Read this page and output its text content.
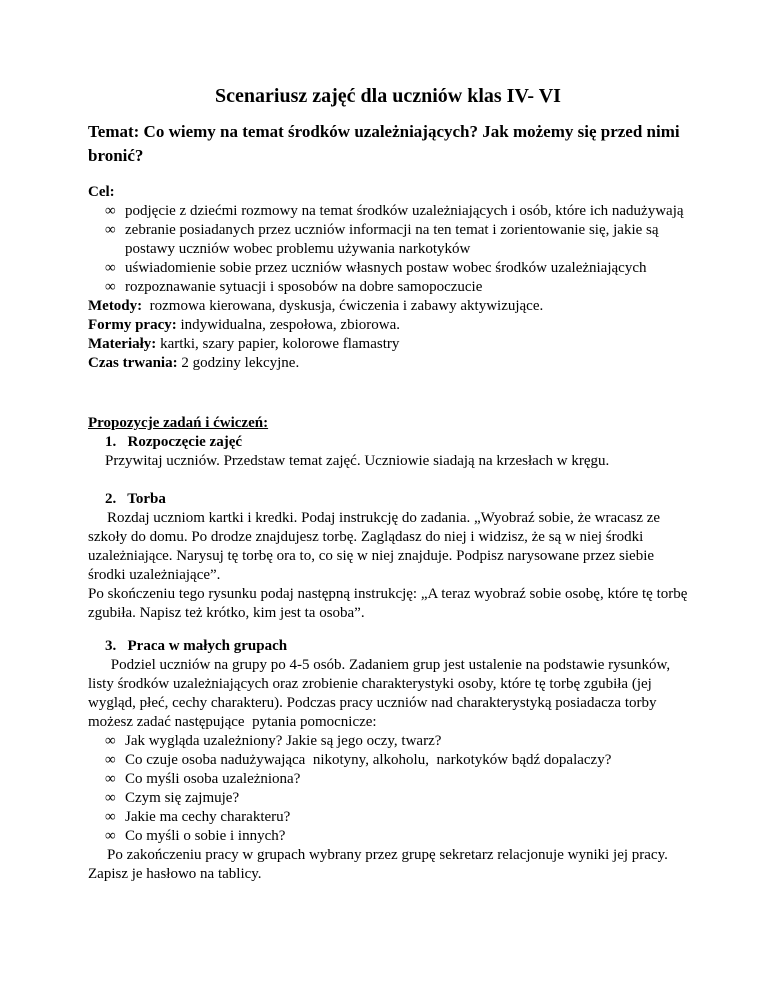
Scenariusz zajęć dla uczniów klas IV- VI
Temat: Co wiemy na temat środków uzależniających? Jak możemy się przed nimi bronić?
Cel:
∞ podjęcie z dziećmi rozmowy na temat środków uzależniających i osób, które ich nadużywają
∞ zebranie posiadanych przez uczniów informacji na ten temat i zorientowanie się, jakie są postawy uczniów wobec problemu używania narkotyków
∞ uświadomienie sobie przez uczniów własnych postaw wobec środków uzależniających
∞ rozpoznawanie sytuacji i sposobów na dobre samopoczucie
Metody:  rozmowa kierowana, dyskusja, ćwiczenia i zabawy aktywizujące.
Formy pracy: indywidualna, zespołowa, zbiorowa.
Materiały: kartki, szary papier, kolorowe flamastry
Czas trwania: 2 godziny lekcyjne.
Propozycje zadań i ćwiczeń:
1.   Rozpoczęcie zajęć
Przywitaj uczniów. Przedstaw temat zajęć. Uczniowie siadają na krzesłach w kręgu.
2.   Torba
Rozdaj uczniom kartki i kredki. Podaj instrukcję do zadania. „Wyobraź sobie, że wracasz ze szkoły do domu. Po drodze znajdujesz torbę. Zaglądasz do niej i widzisz, że są w niej środki uzależniające. Narysuj tę torbę ora to, co się w niej znajduje. Podpisz narysowane przez siebie środki uzależniające”.
Po skończeniu tego rysunku podaj następną instrukcję: „A teraz wyobraź sobie osobę, które tę torbę zgubiła. Napisz też krótko, kim jest ta osoba”.
3.   Praca w małych grupach
Podziel uczniów na grupy po 4-5 osób. Zadaniem grup jest ustalenie na podstawie rysunków, listy środków uzależniających oraz zrobienie charakterystyki osoby, które tę torbę zgubiła (jej wygląd, płeć, cechy charakteru). Podczas pracy uczniów nad charakterystyką posiadacza torby możesz zadać następujące  pytania pomocnicze:
∞ Jak wygląda uzależniony? Jakie są jego oczy, twarz?
∞ Co czuje osoba nadużywająca  nikotyny, alkoholu,  narkotyków bądź dopalaczy?
∞ Co myśli osoba uzależniona?
∞ Czym się zajmuje?
∞ Jakie ma cechy charakteru?
∞ Co myśli o sobie i innych?
Po zakończeniu pracy w grupach wybrany przez grupę sekretarz relacjonuje wyniki jej pracy. Zapisz je hasłowo na tablicy.
